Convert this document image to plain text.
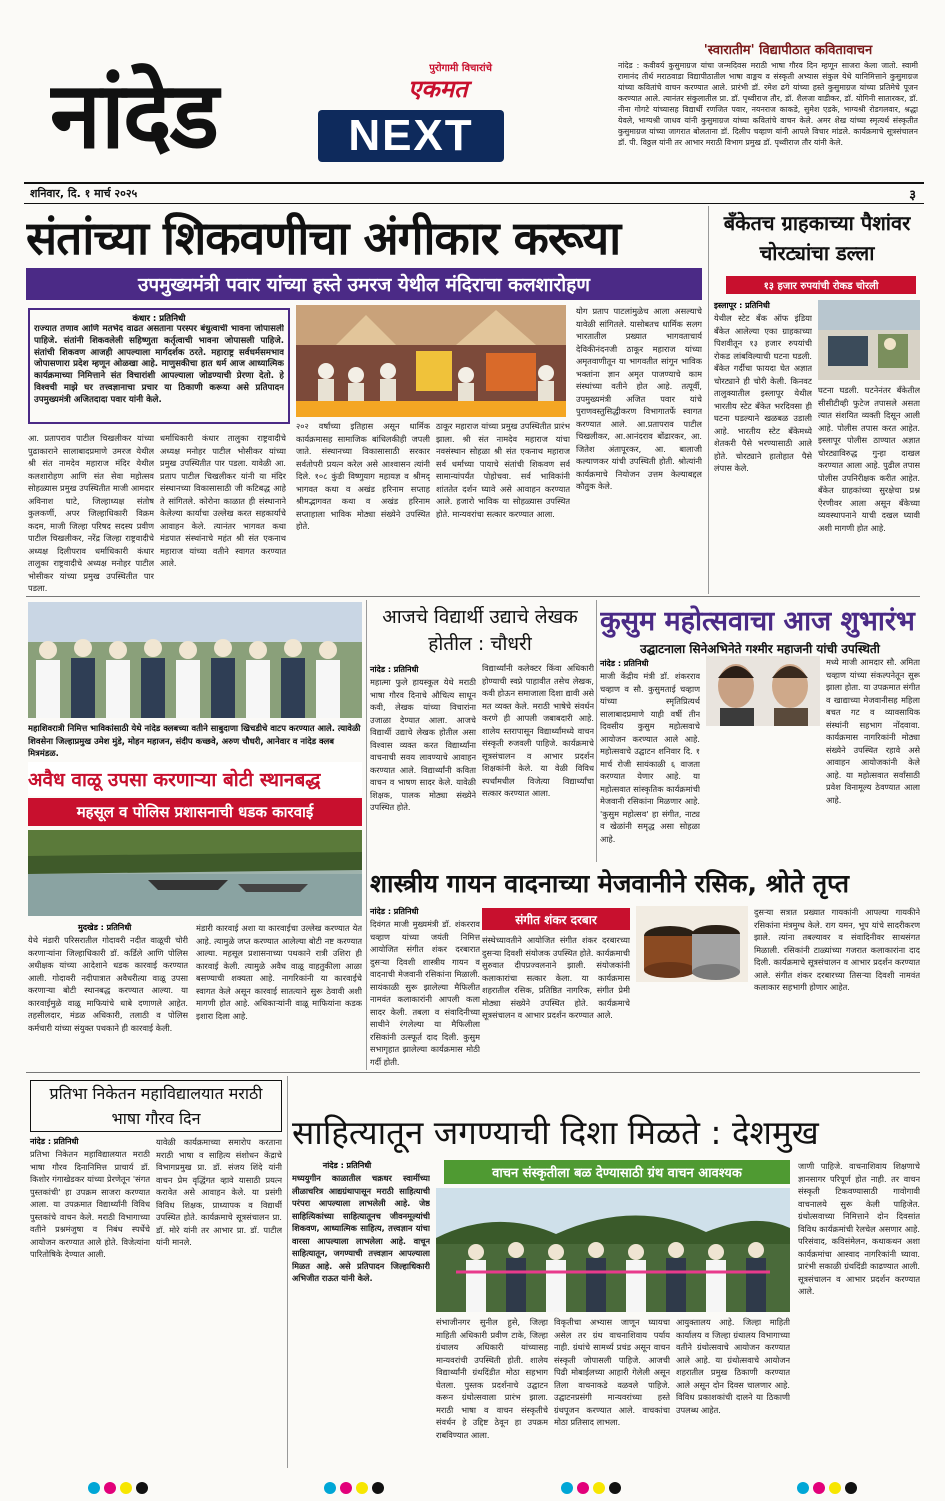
नांदेड	पुरोगामी विचारांचे
एकमत
NEXT
'स्वारातीम' विद्यापीठात कवितावाचन
नांदेड : कवीवर्य कुसुमाग्रज यांचा जन्मदिवस मराठी भाषा गौरव दिन म्हणून साजरा केला जातो. स्वामी रामानंद तीर्थ मराठवाडा विद्यापीठातील भाषा वाङ्मय व संस्कृती अभ्यास संकुल येथे यानिमित्ताने कुसुमाग्रज यांच्या कवितांचे वाचन करण्यात आले. प्रारंभी डॉ. रमेश ढगे यांच्या हस्ते कुसुमाग्रज यांच्या प्रतिमेचे पूजन करण्यात आले. त्यानंतर संकुलातील प्रा. डॉ. पृथ्वीराज तौर, डॉ. शैलजा वाडीकर, डॉ. योगिनी सातारकर, डॉ. नीना गोगटे यांच्यासह विद्यार्थी रणजित पवार, नयनराज काकडे, सुमेश एडके, भाग्यश्री रोडगलवार, श्रद्धा येवले, भाग्यश्री जाधव यांनी कुसुमाग्रज यांच्या कवितांचे वाचन केले. अमर शेख यांच्या स्मृत्यर्थ संस्कृतीत कुसुमाग्रज यांच्या जागरात बोलताना डॉ. दिलीप चव्हाण यांनी आपले विचार मांडले. कार्यक्रमाचे सूत्रसंचालन डॉ. पी. विठ्ठल यांनी तर आभार मराठी विभाग प्रमुख डॉ. पृथ्वीराज तौर यांनी केले.
शनिवार, दि. १ मार्च २०२५	३
संतांच्या शिकवणीचा अंगीकार करूया
उपमुख्यमंत्री पवार यांच्या हस्ते उमरज येथील मंदिराचा कलशारोहण
कंधार : प्रतिनिधी
राज्यात तणाव आणि मतभेद वाढत असताना परस्पर बंधुत्वाची भावना जोपासली पाहिजे. संतांनी शिकवलेली सहिष्णुता कर्तृत्वाची भावना जोपासली पाहिजे. संतांची शिकवण आजही आपल्याला मार्गदर्शक ठरते. महाराष्ट्र सर्वधर्मसमभाव जोपासणारा प्रदेश म्हणून ओळखा आहे. माणुसकीचा हात धर्म आज आध्यात्मिक कार्यक्रमाच्या निमित्ताने संत विचारांशी आपल्याला जोडण्याची प्रेरणा देतो. हे विश्वची माझे घर तत्त्वज्ञानाचा प्रचार या ठिकाणी करूया असे प्रतिपादन उपमुख्यमंत्री अजितदादा पवार यांनी केले.
आ. प्रतापराव पाटील चिखलीकर यांच्या पुढाकाराने सालाबादप्रमाणे उमरज येथील श्री संत नामदेव महाराज मंदिर येथील कलशारोहण आणि संत सेवा महोत्सव सोहळ्यास प्रमुख उपस्थितीत माजी आमदार अविनाश घाटे, जिल्हाध्यक्ष संतोष कुलकर्णी, अपर जिल्हाधिकारी विक्रम कदम, माजी जिल्हा परिषद सदस्य प्रवीण पाटील चिखलीकर, नरेंद्र जिल्हा राष्ट्रवादीचे अध्यक्ष दिलीपराव धर्माधिकारी कंधार तालुका राष्ट्रवादीचे अध्यक्ष मनोहर पाटील भोसीकर यांच्या प्रमुख उपस्थितीत पार पडला.
धर्माधिकारी कंधार तालुका राष्ट्रवादीचे अध्यक्ष मनोहर पाटील भोसीकर यांच्या प्रमुख उपस्थितीत पार पडला. यावेळी आ. प्रताप पाटील चिखलीकर यांनी या मंदिर संस्थानच्या विकासासाठी जी कटिबद्ध आहे ते सांगितले. कोरोना काळात ही संस्थानाने केलेल्या कार्याचा उल्लेख करत सहकार्याचे आवाहन केले. त्यानंतर भागवत कथा मंडपात संस्थांनाचे महंत श्री संत एकनाथ महाराज यांच्या वतीने स्वागत करण्यात आले.
२०२ वर्षांच्या इतिहास असून धार्मिक कार्यक्रमासह सामाजिक बांधिलकीही जपली जाते. संस्थानच्या विकासासाठी सरकार सर्वतोपरी प्रयत्न करेल असे आश्वासन त्यांनी दिले. १०८ कुंडी विष्णुयाग महायज्ञ व श्रीमद् भागवत कथा व अखंड हरिनाम सप्ताह श्रीमद्भागवत कथा व अखंड हरिनाम सप्ताहाला भाविक मोठ्या संख्येने उपस्थित होते.
ठाकूर महाराज यांच्या प्रमुख उपस्थितीत प्रारंभ झाला. श्री संत नामदेव महाराज यांचा नवसंस्थान सोहळा श्री संत एकनाथ महाराज सर्व धर्माच्या पायाचे संतांची शिकवण सर्व सामान्यांपर्यंत पोहोचवा. सर्व भाविकांनी शांततेत दर्शन घ्यावे असे आवाहन करण्यात आले. हजारो भाविक या सोहळ्यास उपस्थित होते. मान्यवरांचा सत्कार करण्यात आला.
योग प्रताप पाटलांमुळेच आला असल्याचे यावेळी सांगितले. यासोबतच धार्मिक सलग भारतातील प्रख्यात भागवताचार्य देविकीनंदनजी ठाकूर महाराज यांच्या अमृतवाणीतून या भागवतीत सांगून भाविक भक्तांना ज्ञान अमृत पाजण्याचे काम संस्थांच्या वतीने होत आहे. तत्पूर्वी, उपमुख्यमंत्री अजित पवार यांचे पुराणवस्तुसिद्धीकरण विभागातर्फे स्वागत करण्यात आले. आ.प्रतापराव पाटील चिखलीकर, आ.आनंदराव बोंढारकर, आ. जितेश अंतापूरकर, आ. बालाजी कल्याणकर यांची उपस्थिती होती. श्रोत्यांनी कार्यक्रमाचे नियोजन उत्तम केल्याबद्दल कौतुक केले.
बँकेतच ग्राहकाच्या पैशांवर चोरट्यांचा डल्ला
१३ हजार रुपयांची रोकड चोरली
इस्लापूर : प्रतिनिधी
येथील स्टेट बँक ऑफ इंडिया बँकेत आलेल्या एका ग्राहकाच्या पिशवीतून १३ हजार रुपयांची रोकड लांबविल्याची घटना घडली. बँकेत गर्दीचा फायदा घेत अज्ञात चोरट्याने ही चोरी केली. किनवट तालुक्यातील इस्लापूर येथील भारतीय स्टेट बँकेत भरदिवसा ही घटना घडल्याने खळबळ उडाली आहे. भारतीय स्टेट बँकेमध्ये शेतकरी पैसे भरण्यासाठी आले होते. चोरट्याने हातोहात पैसे लंपास केले.
घटना घडली. घटनेनंतर बँकेतील सीसीटीव्ही फुटेज तपासले असता त्यात संशयित व्यक्ती दिसून आली आहे. पोलीस तपास करत आहेत. इस्लापूर पोलीस ठाण्यात अज्ञात चोरट्याविरुद्ध गुन्हा दाखल करण्यात आला आहे. पुढील तपास पोलीस उपनिरीक्षक करीत आहेत. बँकेत ग्राहकांच्या सुरक्षेचा प्रश्न ऐरणीवर आला असून बँकेच्या व्यवस्थापनाने याची दखल घ्यावी अशी मागणी होत आहे.
महाशिवरात्री निमित्त भाविकांसाठी येथे नांदेड क्लबच्या वतीने साबुदाणा खिचडीचे वाटप करण्यात आले. त्यावेळी शिवसेना जिल्हाप्रमुख उमेश मुंडे, मोहन महाजन, संदीप कच्छवे, अरुण चौधरी, आनेवार व नांदेड क्लब मित्रमंडळ.
आजचे विद्यार्थी उद्याचे लेखक होतील : चौधरी
नांदेड : प्रतिनिधी
महात्मा फुले हायस्कूल येथे मराठी भाषा गौरव दिनाचे औचित्य साधून कवी, लेखक यांच्या विचारांना उजाळा देण्यात आला. आजचे विद्यार्थी उद्याचे लेखक होतील असा विश्वास व्यक्त करत विद्यार्थ्यांना वाचनाची सवय लावण्याचे आवाहन करण्यात आले. विद्यार्थ्यांनी कविता वाचन व भाषण सादर केले. यावेळी शिक्षक, पालक मोठ्या संख्येने उपस्थित होते.
विद्यार्थ्यांनी कलेक्टर किंवा अधिकारी होण्याची स्वप्ने पाहावीत तसेच लेखक, कवी होऊन समाजाला दिशा द्यावी असे मत व्यक्त केले. मराठी भाषेचे संवर्धन करणे ही आपली जबाबदारी आहे. शालेय स्तरापासून विद्यार्थ्यांमध्ये वाचन संस्कृती रुजवली पाहिजे. कार्यक्रमाचे सूत्रसंचालन व आभार प्रदर्शन शिक्षकांनी केले. या वेळी विविध स्पर्धांमधील विजेत्या विद्यार्थ्यांचा सत्कार करण्यात आला.
कुसुम महोत्सवाचा आज शुभारंभ
उद्घाटनाला सिनेअभिनेते गश्मीर महाजनी यांची उपस्थिती
नांदेड : प्रतिनिधी
माजी केंद्रीय मंत्री डॉ. शंकरराव चव्हाण व सौ. कुसुमताई चव्हाण यांच्या स्मृतिप्रित्यर्थ सालाबादप्रमाणे याही वर्षी तीन दिवसीय कुसुम महोत्सवाचे आयोजन करण्यात आले आहे. महोत्सवाचे उद्घाटन शनिवार दि. १ मार्च रोजी सायंकाळी ६ वाजता करण्यात येणार आहे. या महोत्सवात सांस्कृतिक कार्यक्रमांची मेजवानी रसिकांना मिळणार आहे. 'कुसुम महोत्सव' हा संगीत, नाट्य व खेळांनी समृद्ध असा सोहळा आहे.
मध्ये माजी आमदार सौ. अमिता चव्हाण यांच्या संकल्पनेतून सुरू झाला होता. या उपक्रमात संगीत व खाद्याच्या मेजवानीसह महिला बचत गट व व्यावसायिक संस्थांनी सहभाग नोंदवावा. कार्यक्रमास नागरिकांनी मोठ्या संख्येने उपस्थित रहावे असे आवाहन आयोजकांनी केले आहे. या महोत्सवात सर्वांसाठी प्रवेश विनामूल्य ठेवण्यात आला आहे.
अवैध वाळू उपसा करणाऱ्या बोटी स्थानबद्ध
महसूल व पोलिस प्रशासनाची धडक कारवाई
मुदखेड : प्रतिनिधी
येथे मंडारी परिसरातील गोदावरी नदीत वाळूची चोरी करणाऱ्यांना जिल्हाधिकारी डॉ. कर्डिले आणि पोलिस अधीक्षक यांच्या आदेशाने धडक कारवाई करण्यात आली. गोदावरी नदीपात्रात अवैधरीत्या वाळू उपसा करणाऱ्या बोटी स्थानबद्ध करण्यात आल्या. या कारवाईमुळे वाळू माफियांचे धाबे दणाणले आहेत. तहसीलदार, मंडळ अधिकारी, तलाठी व पोलिस कर्मचारी यांच्या संयुक्त पथकाने ही कारवाई केली.
मंडारी कारवाई अशा या कारवाईचा उल्लेख करण्यात येत आहे. त्यामुळे जप्त करण्यात आलेल्या बोटी नष्ट करण्यात आल्या. महसूल प्रशासनाच्या पथकाने रात्री उशिरा ही कारवाई केली. त्यामुळे अवैध वाळू वाहतुकीला आळा बसण्याची शक्यता आहे. नागरिकांनी या कारवाईचे स्वागत केले असून कारवाई सातत्याने सुरू ठेवावी अशी मागणी होत आहे. अधिकाऱ्यांनी वाळू माफियांना कडक इशारा दिला आहे.
शास्त्रीय गायन वादनाच्या मेजवानीने रसिक, श्रोते तृप्त
नांदेड : प्रतिनिधी
दिवंगत माजी मुख्यमंत्री डॉ. शंकरराव चव्हाण यांच्या जयंती निमित्त आयोजित संगीत शंकर दरबारात दुसऱ्या दिवशी शास्त्रीय गायन व वादनाची मेजवानी रसिकांना मिळाली. सायंकाळी सुरू झालेल्या मैफिलीत नामवंत कलाकारांनी आपली कला सादर केली. तबला व संवादिनीच्या साथीने रंगलेल्या या मैफिलीला रसिकांनी उत्स्फूर्त दाद दिली. कुसुम सभागृहात झालेल्या कार्यक्रमास मोठी गर्दी होती.
संगीत शंकर दरबार
संस्थेच्यावतीने आयोजित संगीत शंकर दरबारच्या दुसऱ्या दिवशी संयोजक उपस्थित होते. कार्यक्रमाची सुरुवात दीपप्रज्वलनाने झाली. संयोजकांनी कलाकारांचा सत्कार केला. या कार्यक्रमास शहरातील रसिक, प्रतिष्ठित नागरिक, संगीत प्रेमी मोठ्या संख्येने उपस्थित होते. कार्यक्रमाचे सूत्रसंचालन व आभार प्रदर्शन करण्यात आले.
दुसऱ्या सत्रात प्रख्यात गायकांनी आपल्या गायकीने रसिकांना मंत्रमुग्ध केले. राग यमन, भूप यांचे सादरीकरण झाले. त्यांना तबल्यावर व संवादिनीवर साथसंगत मिळाली. रसिकांनी टाळ्यांच्या गजरात कलाकारांना दाद दिली. कार्यक्रमाचे सूत्रसंचालन व आभार प्रदर्शन करण्यात आले. संगीत शंकर दरबारच्या तिसऱ्या दिवशी नामवंत कलाकार सहभागी होणार आहेत.
प्रतिभा निकेतन महाविद्यालयात मराठी भाषा गौरव दिन
नांदेड : प्रतिनिधी
प्रतिभा निकेतन महाविद्यालयात मराठी भाषा गौरव दिनानिमित्त प्राचार्य डॉ. किशोर गंगाखेडकर यांच्या प्रेरणेतून 'संगत पुस्तकांची' हा उपक्रम साजरा करण्यात आला. या उपक्रमात विद्यार्थ्यांनी विविध पुस्तकांचे वाचन केले. मराठी विभागाच्या वतीने प्रश्नमंजुषा व निबंध स्पर्धेचे आयोजन करण्यात आले होते. विजेत्यांना पारितोषिके देण्यात आली.
यावेळी कार्यक्रमाच्या समारोप करताना मराठी भाषा व साहित्य संशोधन केंद्राचे विभागप्रमुख प्रा. डॉ. संजय शिंदे यांनी वाचन प्रेम वृद्धिंगत व्हावे यासाठी प्रयत्न करावेत असे आवाहन केले. या प्रसंगी विविध शिक्षक, प्राध्यापक व विद्यार्थी उपस्थित होते. कार्यक्रमाचे सूत्रसंचालन प्रा. डॉ. मोरे यांनी तर आभार प्रा. डॉ. पाटील यांनी मानले.
साहित्यातून जगण्याची दिशा मिळते : देशमुख
वाचन संस्कृतीला बळ देण्यासाठी ग्रंथ वाचन आवश्यक
नांदेड : प्रतिनिधी
मध्ययुगीन काळातील चक्रधर स्वामींच्या लीळाचरित्र आद्यग्रंथापासून मराठी साहित्याची परंपरा आपल्याला लाभलेली आहे. जेष्ठ साहित्यिकांच्या साहित्यातूनच जीवनमूल्यांची शिकवण, आध्यात्मिक साहित्य, तत्त्वज्ञान यांचा वारसा आपल्याला लाभलेला आहे. वाचून साहित्यातून, जगण्याची तत्त्वज्ञान आपल्याला मिळत आहे. असे प्रतिपादन जिल्हाधिकारी अभिजीत राऊत यांनी केले.
संभाजीनगर सुनील हुसे, जिल्हा माहिती अधिकारी प्रवीण टाके, जिल्हा ग्रंथालय अधिकारी यांच्यासह मान्यवरांची उपस्थिती होती. शालेय विद्यार्थ्यांनी ग्रंथदिंडीत मोठा सहभाग घेतला. पुस्तक प्रदर्शनाचे उद्घाटन करून ग्रंथोत्सवाला प्रारंभ झाला. मराठी भाषा व वाचन संस्कृतीचे संवर्धन हे उद्दिष्ट ठेवून हा उपक्रम राबविण्यात आला.
विकृतीचा अभ्यास जाणून घ्यायचा असेल तर ग्रंथ वाचनाशिवाय पर्याय नाही. ग्रंथांचे सामर्थ्य प्रचंड असून वाचन संस्कृती जोपासली पाहिजे. आजची पिढी मोबाईलच्या आहारी गेलेली असून तिला वाचनाकडे वळवले पाहिजे. उद्घाटनप्रसंगी मान्यवरांच्या हस्ते ग्रंथपूजन करण्यात आले. वाचकांचा मोठा प्रतिसाद लाभला.
आयुक्तालय आहे. जिल्हा माहिती कार्यालय व जिल्हा ग्रंथालय विभागाच्या वतीने ग्रंथोत्सवाचे आयोजन करण्यात आले आहे. या ग्रंथोत्सवाचे आयोजन शहरातील प्रमुख ठिकाणी करण्यात आले असून दोन दिवस चालणार आहे. विविध प्रकाशकांची दालने या ठिकाणी उपलब्ध आहेत.
जाणी पाहिजे. वाचनाशिवाय शिक्षणाचे ज्ञानसागर परिपूर्ण होत नाही. तर वाचन संस्कृती टिकवण्यासाठी गावोगावी वाचनालये सुरू केली पाहिजेत. ग्रंथोत्सवाच्या निमित्ताने दोन दिवसांत विविध कार्यक्रमांची रेलचेल असणार आहे. परिसंवाद, कविसंमेलन, कथाकथन अशा कार्यक्रमांचा आस्वाद नागरिकांनी घ्यावा. प्रारंभी सकाळी ग्रंथदिंडी काढण्यात आली. सूत्रसंचालन व आभार प्रदर्शन करण्यात आले.
